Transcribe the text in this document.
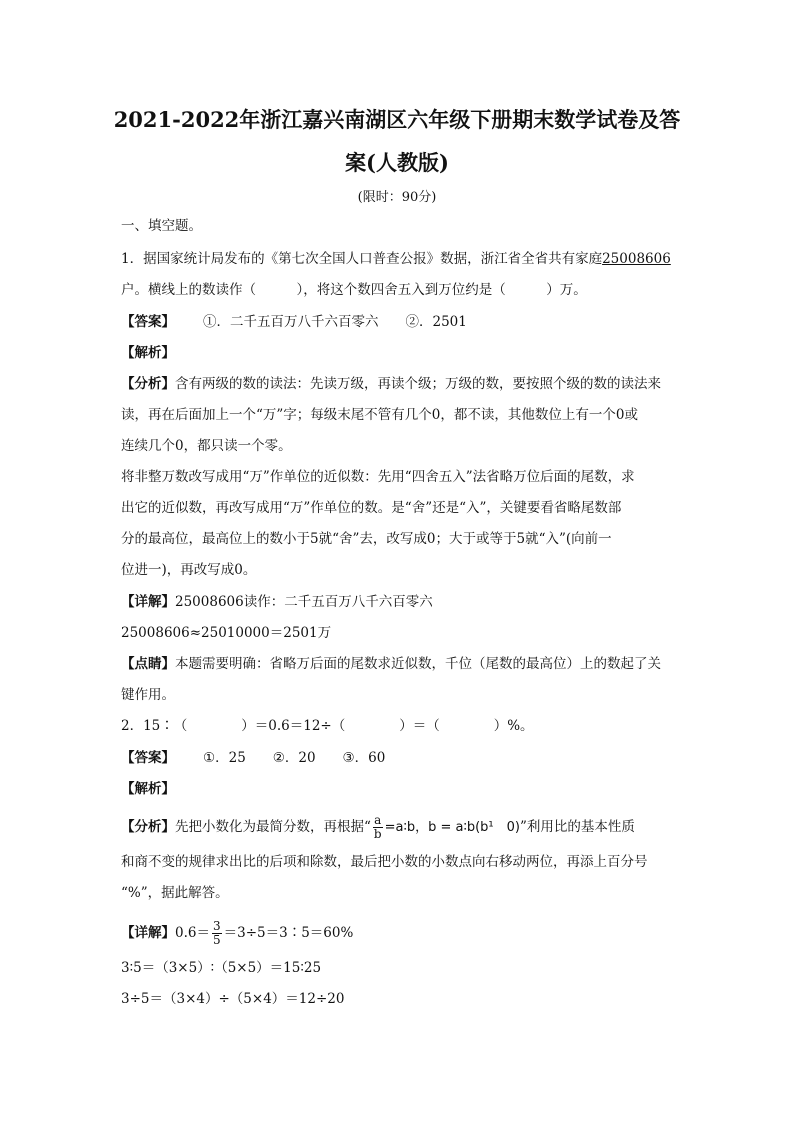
2021-2022年浙江嘉兴南湖区六年级下册期末数学试卷及答
案(人教版)
(限时：90分)
一、填空题。
1．据国家统计局发布的《第七次全国人口普查公报》数据，浙江省全省共有家庭25008606
户。横线上的数读作（　　　），将这个数四舍五入到万位约是（　　　）万。
【答案】 ①．二千五百万八千六百零六　　②．2501
【解析】
【分析】含有两级的数的读法：先读万级，再读个级；万级的数，要按照个级的数的读法来
读，再在后面加上一个“万”字；每级末尾不管有几个0，都不读，其他数位上有一个0或
连续几个0，都只读一个零。
将非整万数改写成用“万”作单位的近似数：先用“四舍五入”法省略万位后面的尾数，求
出它的近似数，再改写成用“万”作单位的数。是“舍”还是“入”，关键要看省略尾数部
分的最高位，最高位上的数小于5就“舍”去，改写成0；大于或等于5就“入”(向前一
位进一)，再改写成0。
【详解】25008606读作：二千五百万八千六百零六
25008606≈25010000＝2501万
【点睛】本题需要明确：省略万后面的尾数求近似数，千位（尾数的最高位）上的数起了关
键作用。
2．15∶（　　　　）＝0.6＝12÷（　　　　）＝（　　　　）%。
【答案】 ①．25　　②．20　　③．60
【解析】
【分析】先把小数化为最简分数，再根据“ $\frac{a}{b}$ =a∶b，b = a∶b(b¹　0)”利用比的基本性质
和商不变的规律求出比的后项和除数，最后把小数的小数点向右移动两位，再添上百分号
“%”，据此解答。
【详解】$0.6= \frac{3}{5}$ ＝3÷5＝3∶5＝60%
3∶5＝（3×5）∶（5×5）＝15∶25
3÷5＝（3×4）÷（5×4）＝12÷20
